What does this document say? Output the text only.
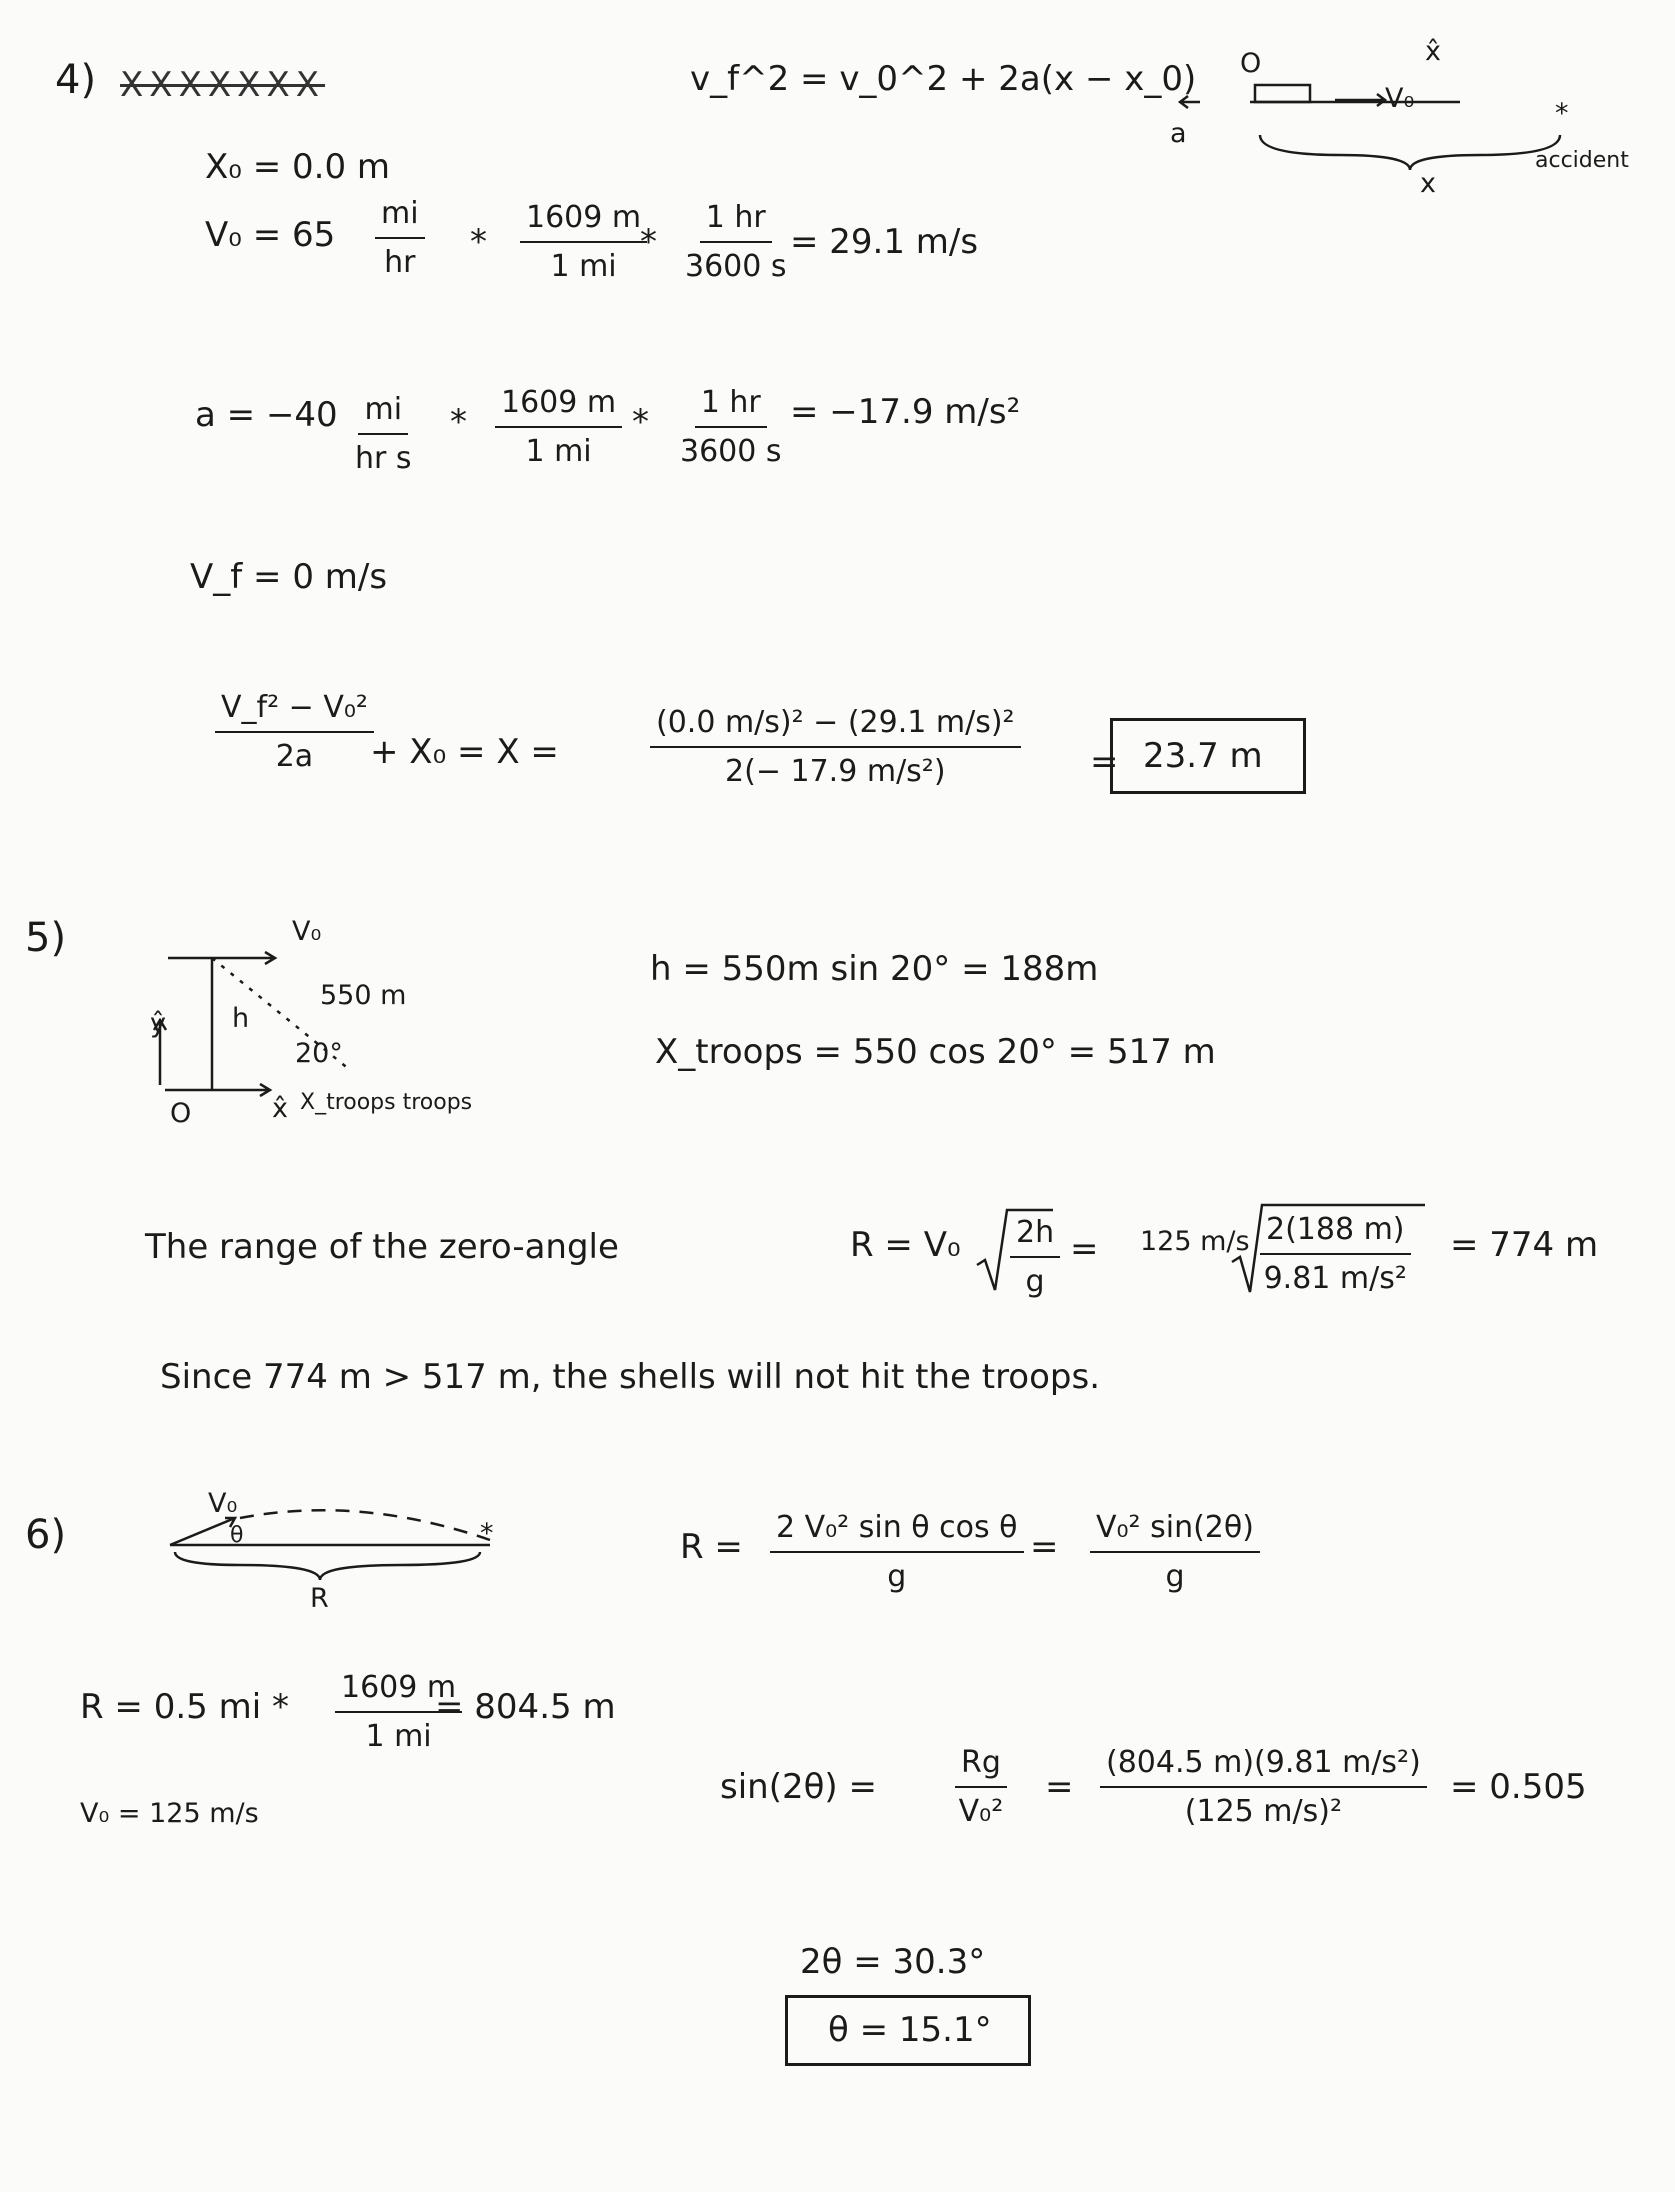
4) XXXXXXX	v_f^2 = v_0^2 + 2a(x − x_0) O	x̂
a
V₀
x
*
accident
X₀ = 0.0 m
$V_0 = 65 \frac{mi}{hr} * \frac{1609 m}{1 mi}$
* $\frac{1 hr}{3600 s} = 29.1$ m/s
$a = -40 \frac{mi}{\text{hr s}} * \frac{1609 m}{1 mi} * \frac{1 hr}{3600 s} = -17.9$ m/s²
V_f = 0 m/s
$\frac{\text{V\_f² − V₀²}}{2a}$
+ X₀ = X =	$\frac{\text{(0.0 m/s)² − (29.1 m/s)²}}{\text{2(− 17.9 m/s²)}} = 23.7$ m
5)	V₀
h
550 m
20°
ŷ
x̂
O	X_troops troops
h = 550m sin 20° = 188m
X_troops = 550 cos 20° = 517 m
The range of the zero-angle	$R = V_0 \frac{2h}{g} = 125$ $m/s \frac{2(188 m)}{\text{9.81 m/s²}} = 774$ m
Since 774 m > 517 m, the shells will not hit the troops.
6)
V₀
θ
R
*	$R = \frac{\text{2 V₀² sin θ cos θ}}{g} = \frac{\text{V₀² sin(2θ)}}{g}$
R = 0.5 mi * $\frac{1609 m}{1 mi}$
= 804.5 m
V₀ = 125 m/s
sin(2θ) =	$\frac{Rg}{\text{V₀²}} = \frac{\text{(804.5 m)(9.81 m/s²)}}{\text{(125 m/s)²}} = 0.505$
2θ = 30.3°
θ = 15.1°
